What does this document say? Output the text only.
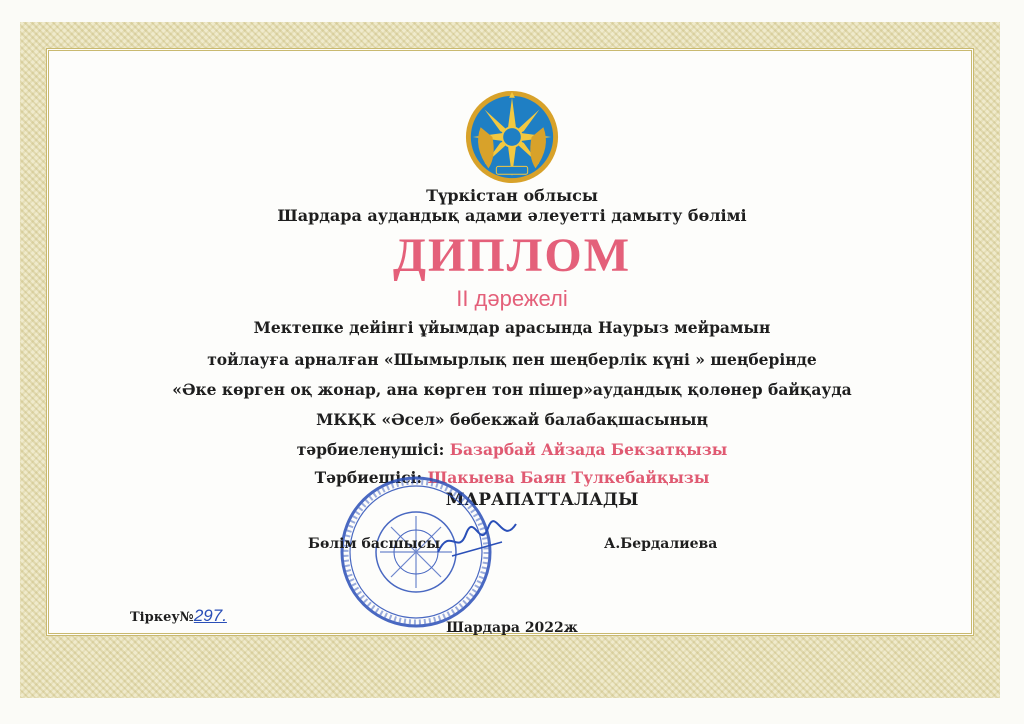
Түркістан облысы
Шардара аудандық адами әлеуетті дамыту бөлімі
ДИПЛОМ
ІІ дәрежелі
Мектепке дейінгі ұйымдар арасында Наурыз мейрамын
тойлауға арналған «Шымырлық пен шеңберлік күні » шеңберінде
«Әке көрген оқ жонар, ана көрген тон пішер»аудандық қолөнер байқауда
МКҚК «Әсел» бөбекжай балабақшасының
тәрбиеленушісі: Базарбай Айзада Бекзатқызы
Тәрбиешісі: Шакыева Баян Тулкебайқызы
МАРАПАТТАЛАДЫ
Бөлім басшысы	А.Бердалиева
Тіркеу№297.
Шардара 2022ж
